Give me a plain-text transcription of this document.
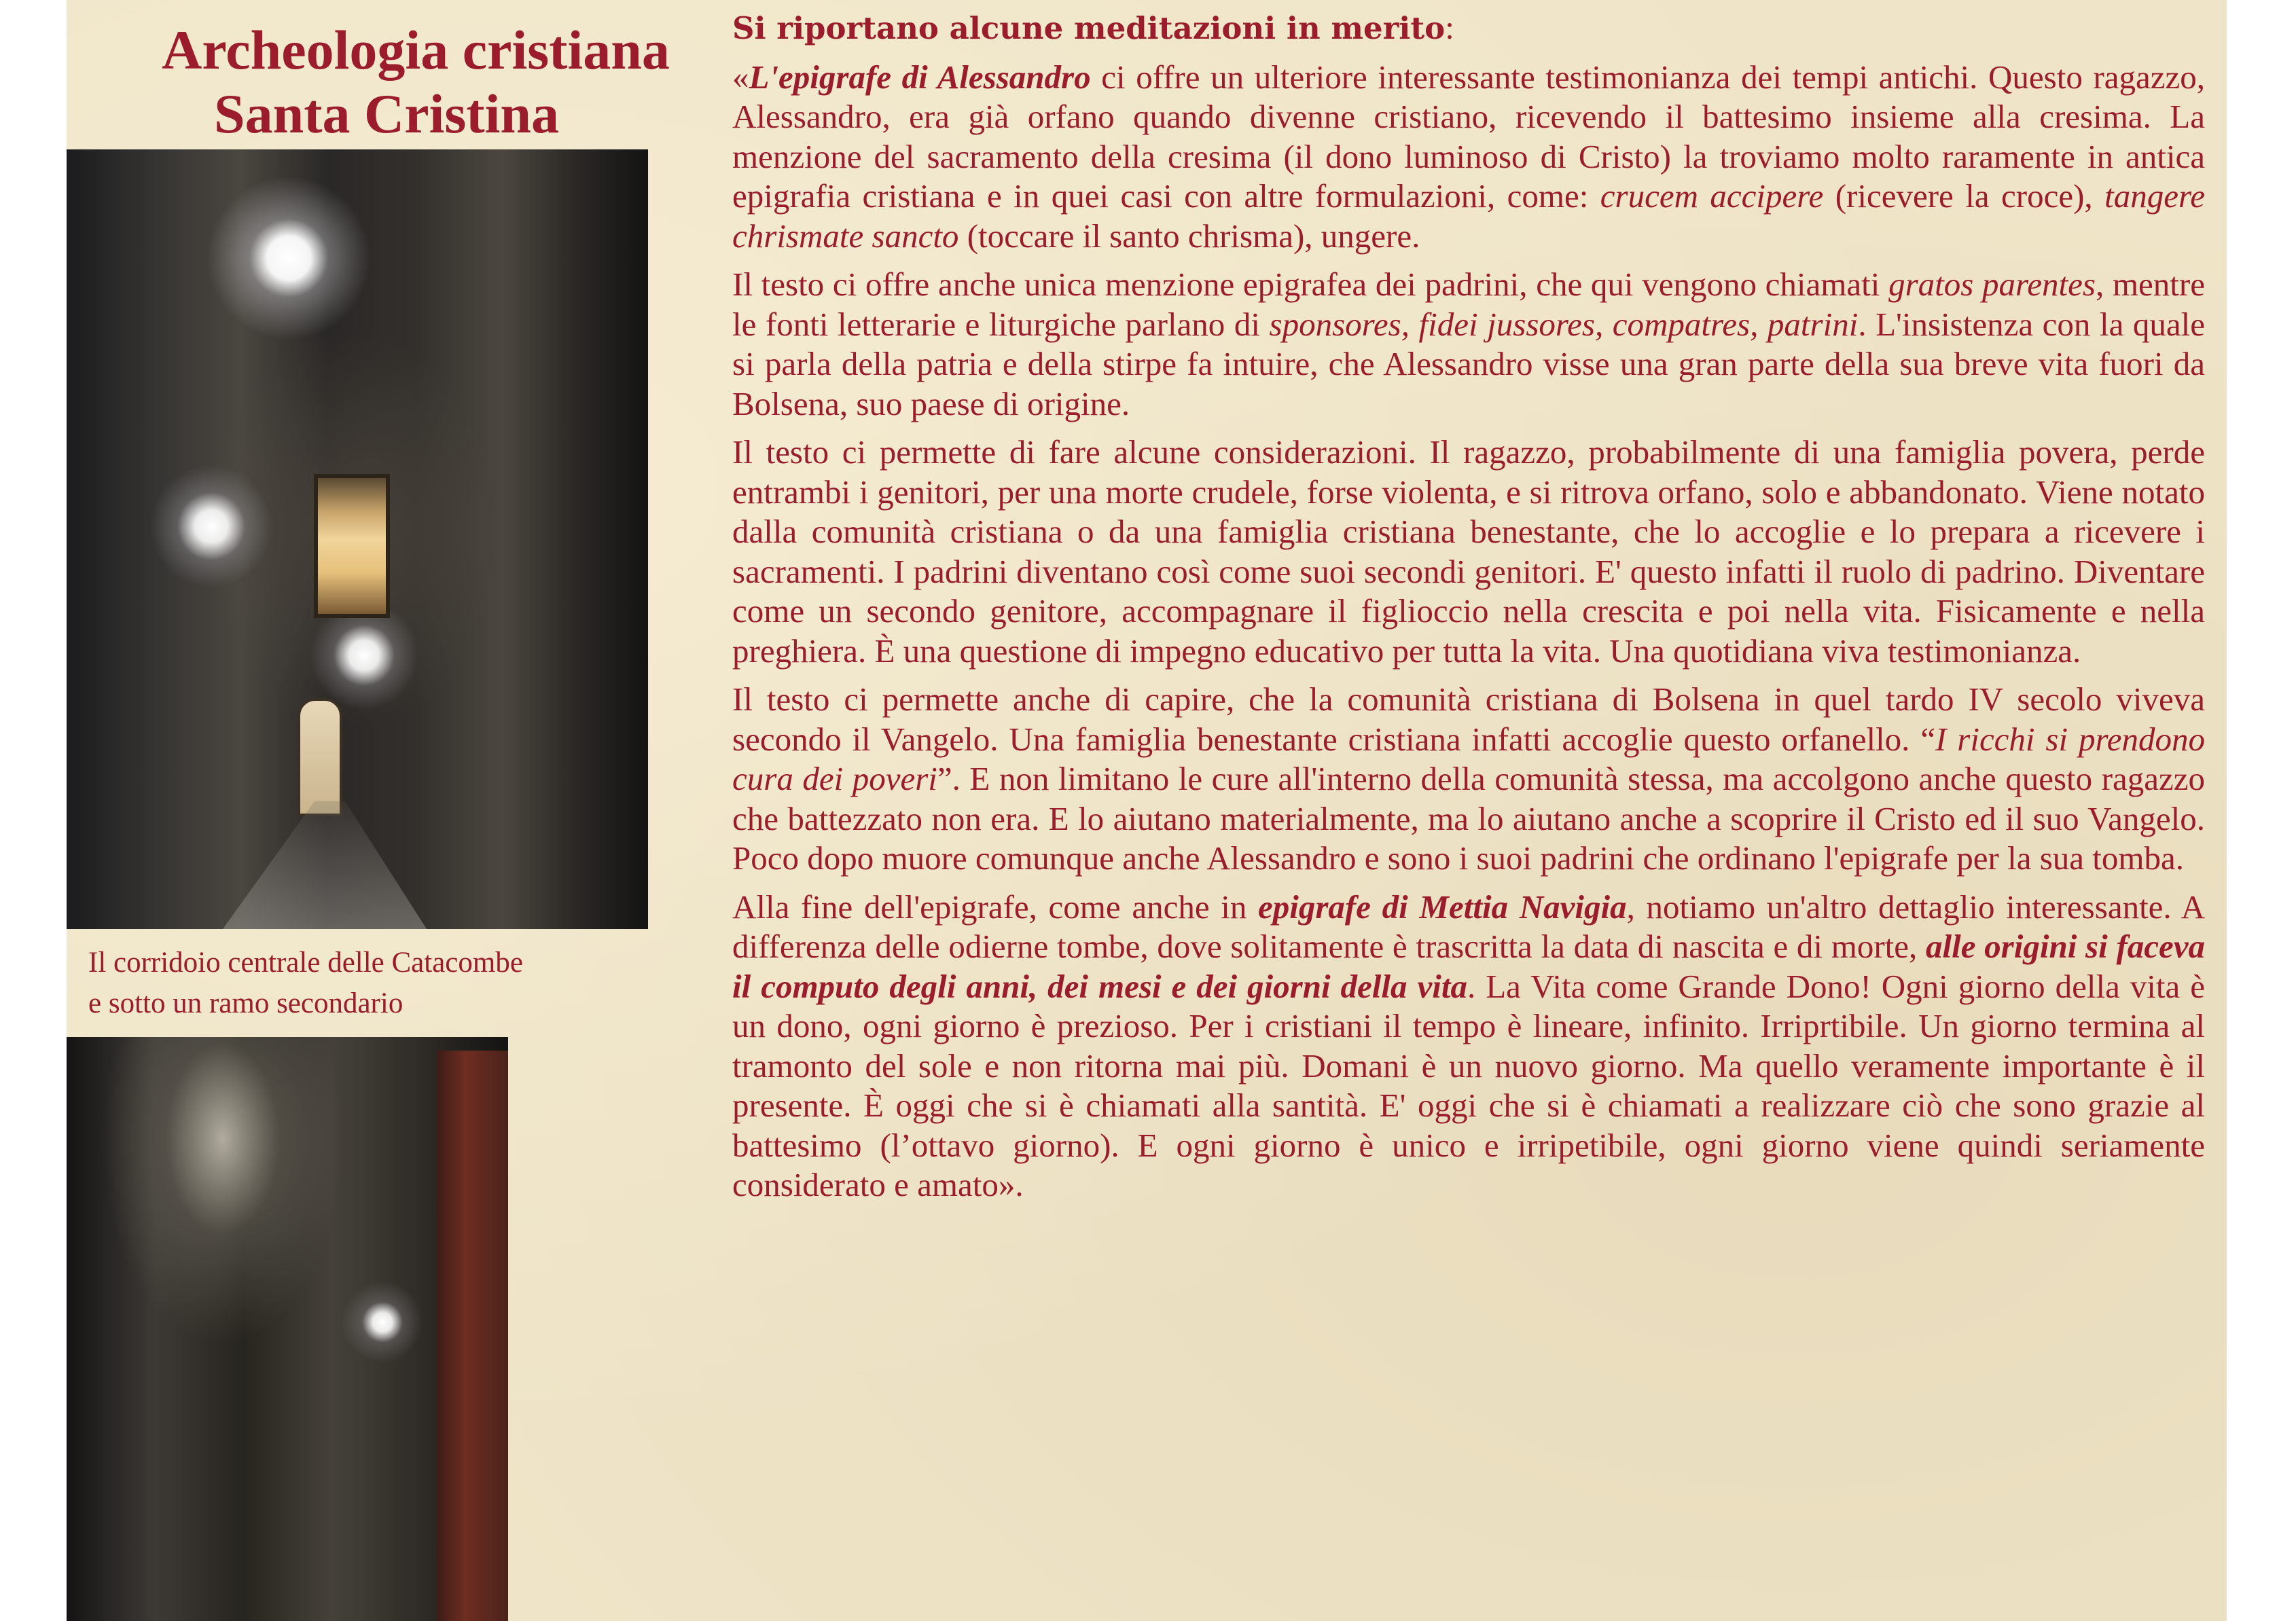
Archeologia cristiana
Santa Cristina
Il corridoio centrale delle Catacombe
e sotto un ramo secondario

Si riportano alcune meditazioni in merito:

«L'epigrafe di Alessandro ci offre un ulteriore interessante testimonianza dei tempi antichi. Questo ragazzo, Alessandro, era già orfano quando divenne cristiano, ricevendo il battesimo insieme alla cresima. La menzione del sacramento della cresima (il dono luminoso di Cristo) la troviamo molto raramente in antica epigrafia cristiana e in quei casi con altre formulazioni, come: crucem accipere (ricevere la croce), tangere chrismate sancto (toccare il santo chrisma), ungere.

Il testo ci offre anche unica menzione epigrafea dei padrini, che qui vengono chiamati gratos parentes, mentre le fonti letterarie e liturgiche parlano di sponsores, fidei jussores, compatres, patrini. L'insistenza con la quale si parla della patria e della stirpe fa intuire, che Alessandro visse una gran parte della sua breve vita fuori da Bolsena, suo paese di origine.

Il testo ci permette di fare alcune considerazioni. Il ragazzo, probabilmente di una famiglia povera, perde entrambi i genitori, per una morte crudele, forse violenta, e si ritrova orfano, solo e abbandonato. Viene notato dalla comunità cristiana o da una famiglia cristiana benestante, che lo accoglie e lo prepara a ricevere i sacramenti. I padrini diventano così come suoi secondi genitori. E' questo infatti il ruolo di padrino. Diventare come un secondo genitore, accompagnare il figlioccio nella crescita e poi nella vita. Fisicamente e nella preghiera. È una questione di impegno educativo per tutta la vita. Una quotidiana viva testimonianza.

Il testo ci permette anche di capire, che la comunità cristiana di Bolsena in quel tardo IV secolo viveva secondo il Vangelo. Una famiglia benestante cristiana infatti accoglie questo orfanello. “I ricchi si prendono cura dei poveri”. E non limitano le cure all'interno della comunità stessa, ma accolgono anche questo ragazzo che battezzato non era. E lo aiutano materialmente, ma lo aiutano anche a scoprire il Cristo ed il suo Vangelo. Poco dopo muore comunque anche Alessandro e sono i suoi padrini che ordinano l'epigrafe per la sua tomba.

Alla fine dell'epigrafe, come anche in epigrafe di Mettia Navigia, notiamo un'altro dettaglio interessante. A differenza delle odierne tombe, dove solitamente è trascritta la data di nascita e di morte, alle origini si faceva il computo degli anni, dei mesi e dei giorni della vita. La Vita come Grande Dono! Ogni giorno della vita è un dono, ogni giorno è prezioso. Per i cristiani il tempo è lineare, infinito. Irriprtibile. Un giorno termina al tramonto del sole e non ritorna mai più. Domani è un nuovo giorno. Ma quello veramente importante è il presente. È oggi che si è chiamati alla santità. E' oggi che si è chiamati a realizzare ciò che sono grazie al battesimo (l’ottavo giorno). E ogni giorno è unico e irripetibile, ogni giorno viene quindi seriamente considerato e amato».
